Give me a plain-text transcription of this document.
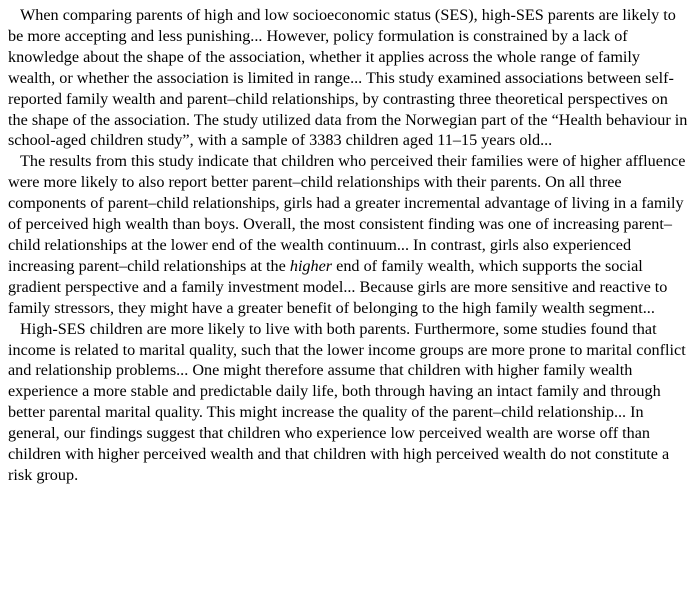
When comparing parents of high and low socioeconomic status (SES), high-SES parents are likely to be more accepting and less punishing... However, policy formulation is constrained by a lack of knowledge about the shape of the association, whether it applies across the whole range of family wealth, or whether the association is limited in range... This study examined associations between self-reported family wealth and parent–child relationships, by contrasting three theoretical perspectives on the shape of the association. The study utilized data from the Norwegian part of the “Health behaviour in school-aged children study”, with a sample of 3383 children aged 11–15 years old...

The results from this study indicate that children who perceived their families were of higher affluence were more likely to also report better parent–child relationships with their parents. On all three components of parent–child relationships, girls had a greater incremental advantage of living in a family of perceived high wealth than boys. Overall, the most consistent finding was one of increasing parent–child relationships at the lower end of the wealth continuum... In contrast, girls also experienced increasing parent–child relationships at the higher end of family wealth, which supports the social gradient perspective and a family investment model... Because girls are more sensitive and reactive to family stressors, they might have a greater benefit of belonging to the high family wealth segment...

High-SES children are more likely to live with both parents. Furthermore, some studies found that income is related to marital quality, such that the lower income groups are more prone to marital conflict and relationship problems... One might therefore assume that children with higher family wealth experience a more stable and predictable daily life, both through having an intact family and through better parental marital quality. This might increase the quality of the parent–child relationship... In general, our findings suggest that children who experience low perceived wealth are worse off than children with higher perceived wealth and that children with high perceived wealth do not constitute a risk group.
